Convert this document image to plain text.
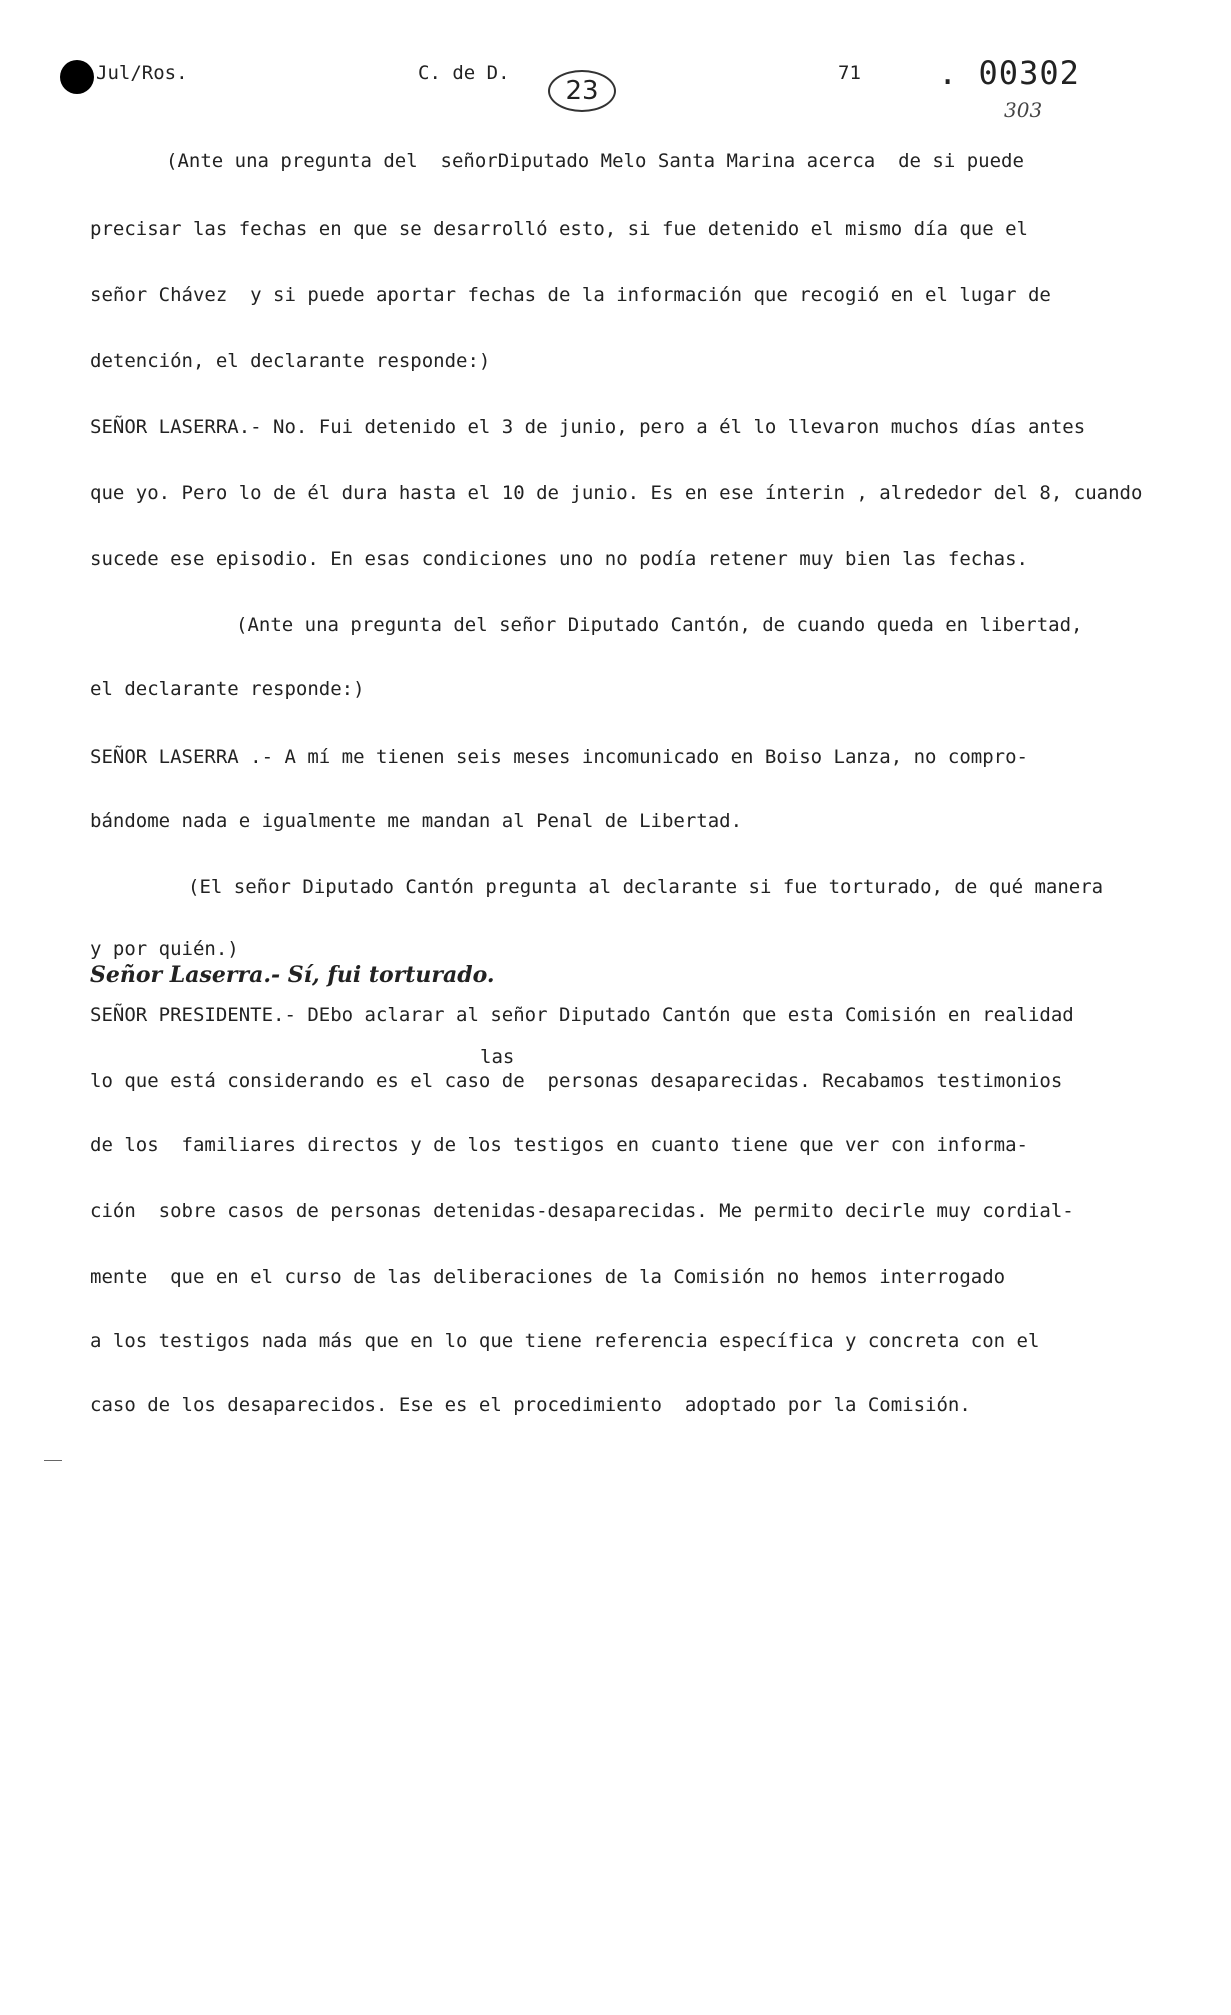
Jul/Ros.	C. de D.
23
71 . 00302
303
(Ante una pregunta del  señorDiputado Melo Santa Marina acerca  de si puede
precisar las fechas en que se desarrolló esto, si fue detenido el mismo día que el
señor Chávez  y si puede aportar fechas de la información que recogió en el lugar de
detención, el declarante responde:)
SEÑOR LASERRA.- No. Fui detenido el 3 de junio, pero a él lo llevaron muchos días antes
que yo. Pero lo de él dura hasta el 10 de junio. Es en ese ínterin , alrededor del 8, cuando
sucede ese episodio. En esas condiciones uno no podía retener muy bien las fechas.
(Ante una pregunta del señor Diputado Cantón, de cuando queda en libertad,
el declarante responde:)
SEÑOR LASERRA .- A mí me tienen seis meses incomunicado en Boiso Lanza, no compro-
bándome nada e igualmente me mandan al Penal de Libertad.
(El señor Diputado Cantón pregunta al declarante si fue torturado, de qué manera
y por quién.)
Señor Laserra.- Sí, fui torturado.
SEÑOR PRESIDENTE.- DEbo aclarar al señor Diputado Cantón que esta Comisión en realidad
las
lo que está considerando es el caso de  personas desaparecidas. Recabamos testimonios
de los  familiares directos y de los testigos en cuanto tiene que ver con informa-
ción  sobre casos de personas detenidas-desaparecidas. Me permito decirle muy cordial-
mente  que en el curso de las deliberaciones de la Comisión no hemos interrogado
a los testigos nada más que en lo que tiene referencia específica y concreta con el
caso de los desaparecidos. Ese es el procedimiento  adoptado por la Comisión.
